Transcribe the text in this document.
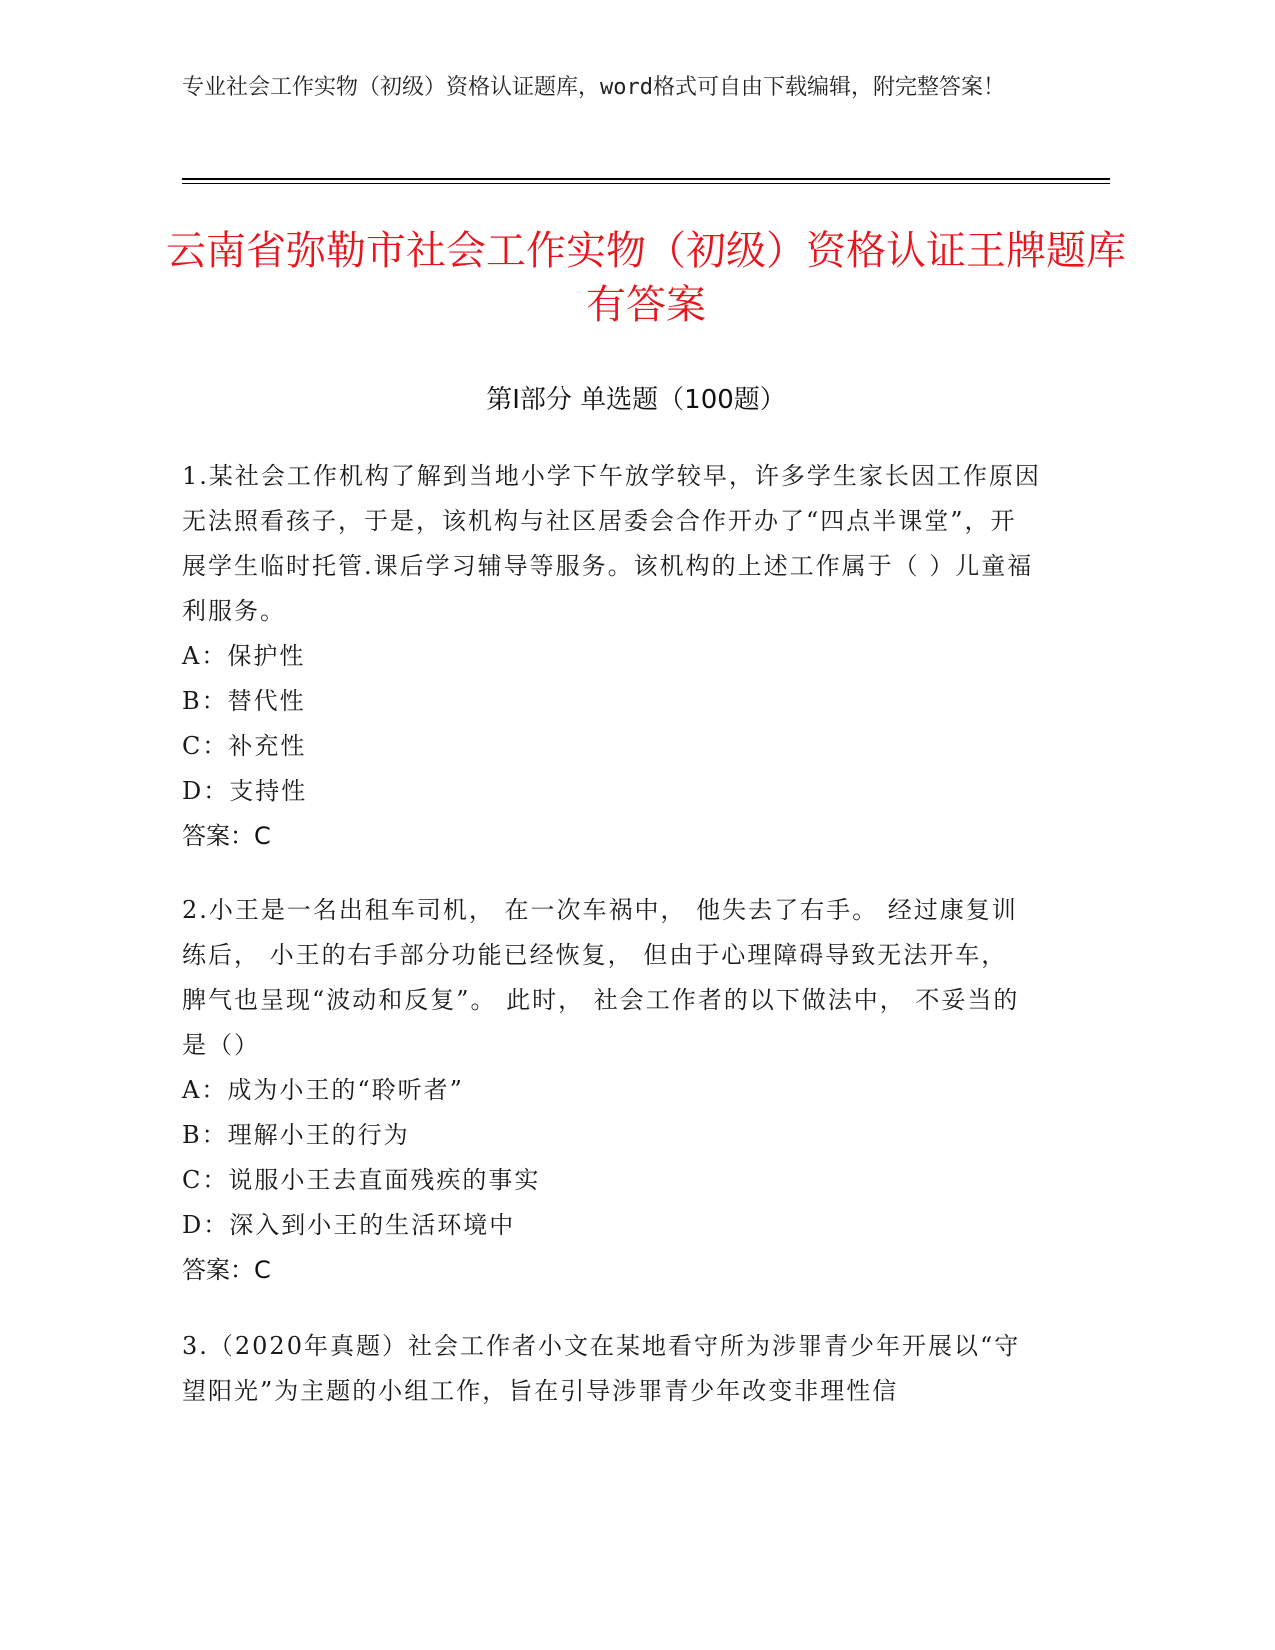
专业社会工作实物（初级）资格认证题库，word格式可自由下载编辑，附完整答案！
云南省弥勒市社会工作实物（初级）资格认证王牌题库有答案
第Ⅰ部分 单选题（100题）
1.某社会工作机构了解到当地小学下午放学较早，许多学生家长因工作原因无法照看孩子，于是，该机构与社区居委会合作开办了“四点半课堂”，开展学生临时托管.课后学习辅导等服务。该机构的上述工作属于（ ）儿童福利服务。
A：保护性
B：替代性
C：补充性
D：支持性
答案：C
2.小王是一名出租车司机， 在一次车祸中， 他失去了右手。 经过康复训练后， 小王的右手部分功能已经恢复， 但由于心理障碍导致无法开车， 脾气也呈现“波动和反复”。 此时， 社会工作者的以下做法中， 不妥当的是（）
A：成为小王的“聆听者”
B：理解小王的行为
C：说服小王去直面残疾的事实
D：深入到小王的生活环境中
答案：C
3.（2020年真题）社会工作者小文在某地看守所为涉罪青少年开展以“守望阳光”为主题的小组工作，旨在引导涉罪青少年改变非理性信
